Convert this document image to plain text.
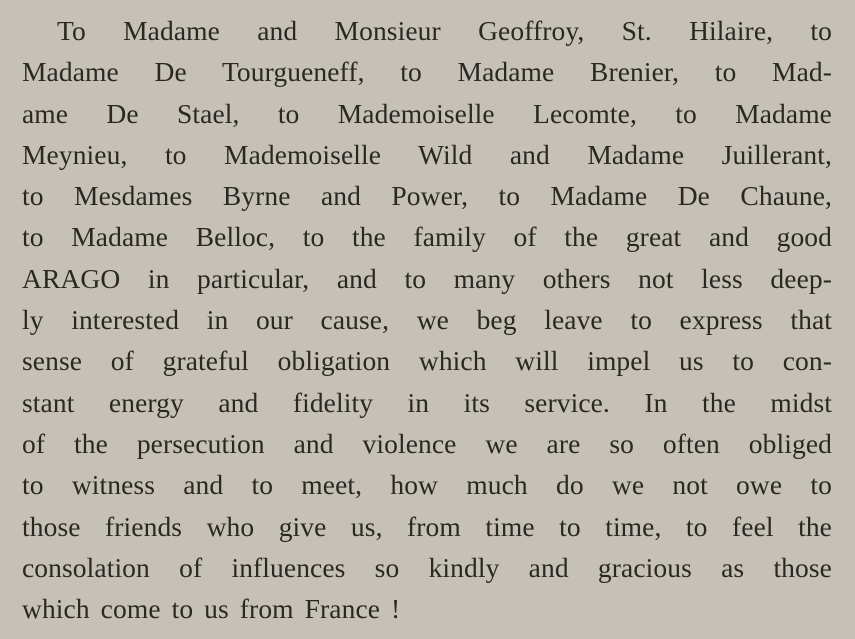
To Madame and Monsieur Geoffroy, St. Hilaire, to
Madame De Tourgueneff, to Madame Brenier, to Mad-
ame De Stael, to Mademoiselle Lecomte, to Madame
Meynieu, to Mademoiselle Wild and Madame Juillerant,
to Mesdames Byrne and Power, to Madame De Chaune,
to Madame Belloc, to the family of the great and good
ARAGO in particular, and to many others not less deep-
ly interested in our cause, we beg leave to express that
sense of grateful obligation which will impel us to con-
stant energy and fidelity in its service. In the midst
of the persecution and violence we are so often obliged
to witness and to meet, how much do we not owe to
those friends who give us, from time to time, to feel the
consolation of influences so kindly and gracious as those
which come to us from France !
